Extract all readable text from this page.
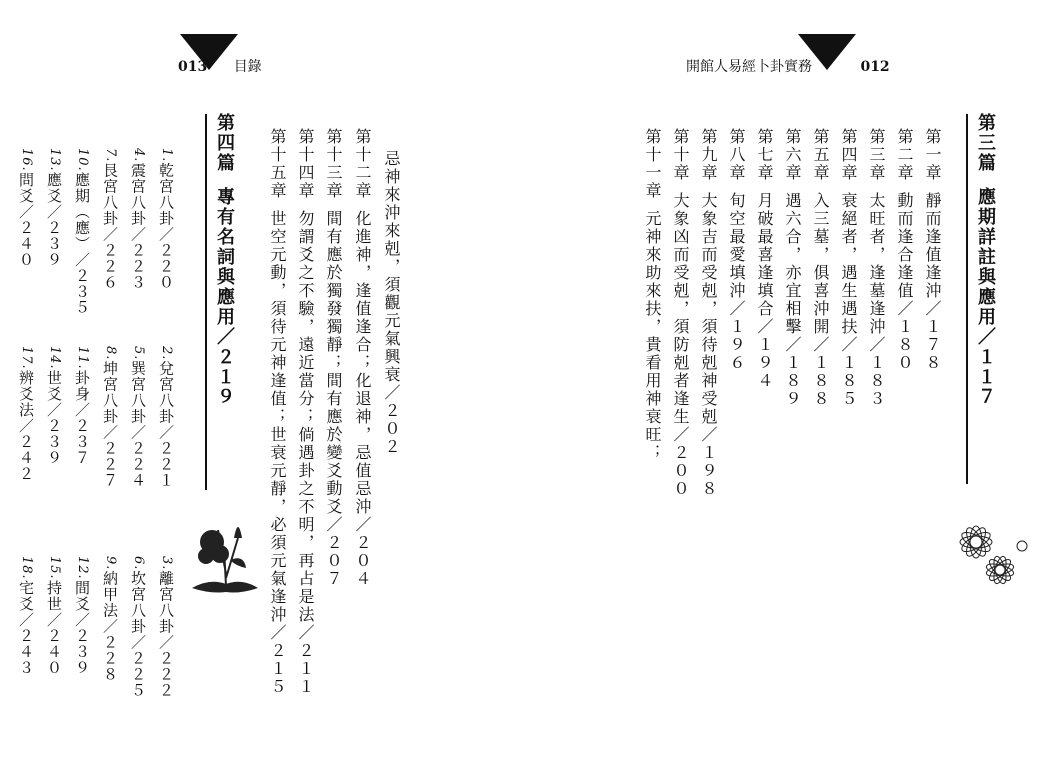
013 目錄
忌神來沖來剋，須觀元氣興衰／２０２
第十二章化進神，逢值逢合；化退神，忌值忌沖／２０４
第十三章間有應於獨發獨靜；間有應於變爻動爻／２０７
第十四章勿謂爻之不驗，遠近當分；倘遇卦之不明，再占是法／２１１
第十五章世空元動，須待元神逢值；世衰元靜，必須元氣逢沖／２１５
第四篇專有名詞與應用／２１９
1.乾宮八卦／２２０
4.震宮八卦／２２３
7.艮宮八卦／２２６
10.應期（應）／２３５
13.應爻／２３９
16.問爻／２４０
2.兌宮八卦／２２１
5.巽宮八卦／２２４
8.坤宮八卦／２２７
11.卦身／２３７
14.世爻／２３９
17.辨爻法／２４２
3.離宮八卦／２２２
6.坎宮八卦／２２５
9.納甲法／２２８
12.間爻／２３９
15.持世／２４０
18.宅爻／２４３
開館人易經卜卦實務	012
第三篇應期詳註與應用／１１７
第一章靜而逢值逢沖／１７８
第二章動而逢合逢值／１８０
第三章太旺者，逢墓逢沖／１８３
第四章衰絕者，遇生遇扶／１８５
第五章入三墓，俱喜沖開／１８８
第六章遇六合，亦宜相擊／１８９
第七章月破最喜逢填合／１９４
第八章旬空最愛填沖／１９６
第九章大象吉而受剋，須待剋神受剋／１９８
第十章大象凶而受剋，須防剋者逢生／２００
第十一章元神來助來扶，貴看用神衰旺；
